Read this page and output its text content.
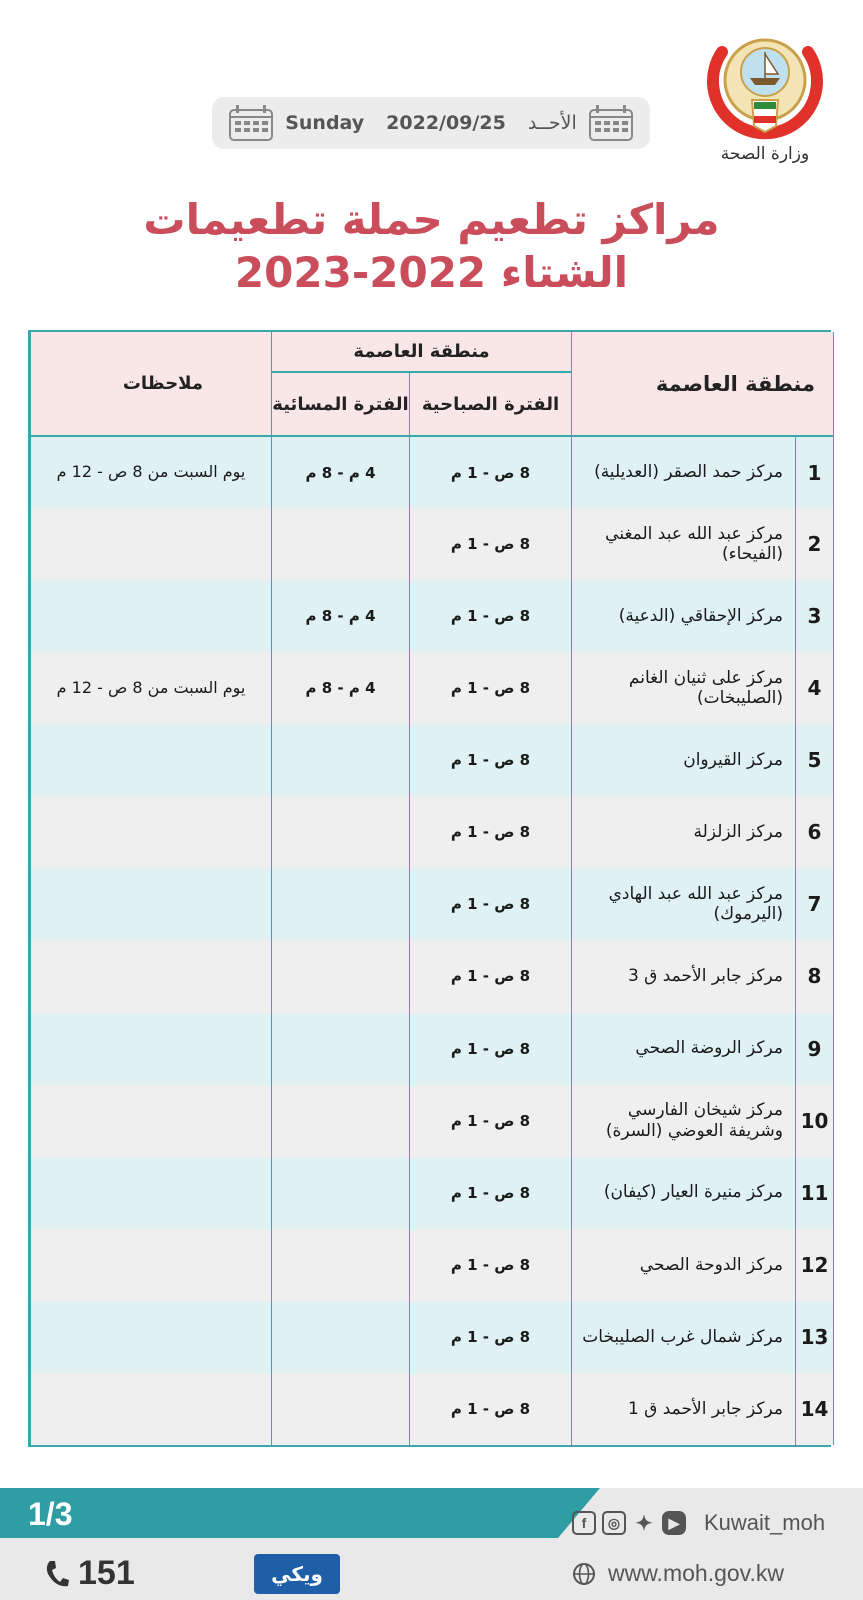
وزارة الصحة
Sunday 2022/09/25 الأحــد
مراكز تطعيم حملة تطعيمات
الشتاء 2022-2023
منطقة العاصمة		منطقة العاصمة		ملاحظات
		الفترة الصباحية	الفترة المسائية	
1	مركز حمد الصقر (العديلية)	8 ص - 1 م	4 م - 8 م	يوم السبت من 8 ص - 12 م
2	مركز عبد الله عبد المغني (الفيحاء)	8 ص - 1 م		
3	مركز الإحقاقي (الدعية)	8 ص - 1 م	4 م - 8 م	
4	مركز على ثنيان الغانم (الصليبخات)	8 ص - 1 م	4 م - 8 م	يوم السبت من 8 ص - 12 م
5	مركز القيروان	8 ص - 1 م		
6	مركز الزلزلة	8 ص - 1 م		
7	مركز عبد الله عبد الهادي (اليرموك)	8 ص - 1 م		
8	مركز جابر الأحمد ق 3	8 ص - 1 م		
9	مركز الروضة الصحي	8 ص - 1 م		
10	مركز شيخان الفارسي وشريفة العوضي (السرة)	8 ص - 1 م		
11	مركز منيرة العيار (كيفان)	8 ص - 1 م		
12	مركز الدوحة الصحي	8 ص - 1 م		
13	مركز شمال غرب الصليبخات	8 ص - 1 م		
14	مركز جابر الأحمد ق 1	8 ص - 1 م		
1/3
151	ويكي
f	◎ ✦	▶	Kuwait_moh
www.moh.gov.kw
